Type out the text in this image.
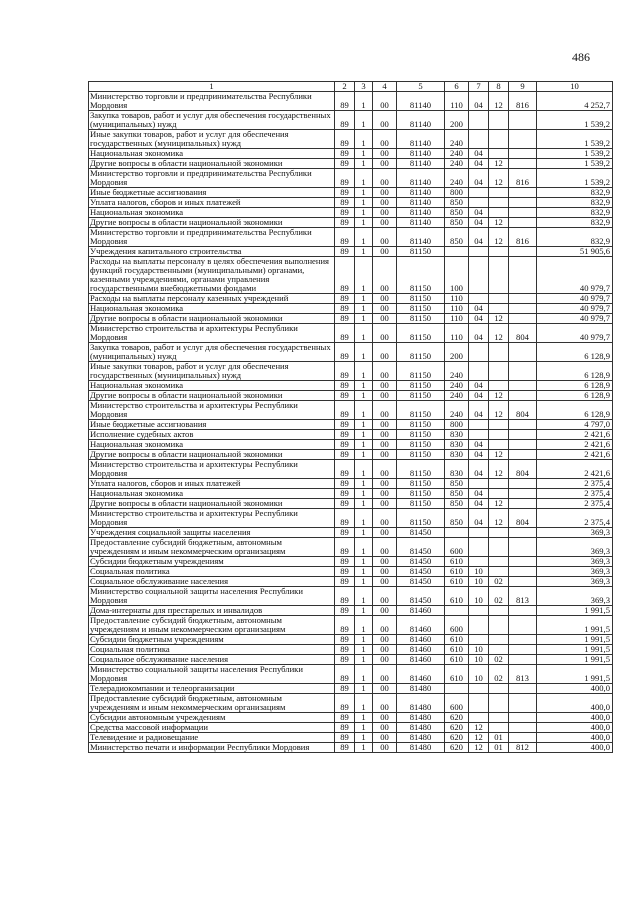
486
1	2	3	4	5	6	7	8	9	10
Министерство торговли и предпринимательства Республики Мордовия	89	1	00	81140	110	04	12	816	4 252,7
Закупка товаров, работ и услуг для обеспечения государственных (муниципальных) нужд	89	1	00	81140	200				1 539,2
Иные закупки товаров, работ и услуг для обеспечения государственных (муниципальных) нужд	89	1	00	81140	240				1 539,2
Национальная экономика	89	1	00	81140	240	04			1 539,2
Другие вопросы в области национальной экономики	89	1	00	81140	240	04	12		1 539,2
Министерство торговли и предпринимательства Республики Мордовия	89	1	00	81140	240	04	12	816	1 539,2
Иные бюджетные ассигнования	89	1	00	81140	800				832,9
Уплата налогов, сборов и иных платежей	89	1	00	81140	850				832,9
Национальная экономика	89	1	00	81140	850	04			832,9
Другие вопросы в области национальной экономики	89	1	00	81140	850	04	12		832,9
Министерство торговли и предпринимательства Республики Мордовия	89	1	00	81140	850	04	12	816	832,9
Учреждения капитального строительства	89	1	00	81150					51 905,6
Расходы на выплаты персоналу в целях обеспечения выполнения функций государственными (муниципальными) органами, казенными учреждениями, органами управления государственными внебюджетными фондами	89	1	00	81150	100				40 979,7
Расходы на выплаты персоналу казенных учреждений	89	1	00	81150	110				40 979,7
Национальная экономика	89	1	00	81150	110	04			40 979,7
Другие вопросы в области национальной экономики	89	1	00	81150	110	04	12		40 979,7
Министерство строительства и архитектуры Республики Мордовия	89	1	00	81150	110	04	12	804	40 979,7
Закупка товаров, работ и услуг для обеспечения государственных (муниципальных) нужд	89	1	00	81150	200				6 128,9
Иные закупки товаров, работ и услуг для обеспечения государственных (муниципальных) нужд	89	1	00	81150	240				6 128,9
Национальная экономика	89	1	00	81150	240	04			6 128,9
Другие вопросы в области национальной экономики	89	1	00	81150	240	04	12		6 128,9
Министерство строительства и архитектуры Республики Мордовия	89	1	00	81150	240	04	12	804	6 128,9
Иные бюджетные ассигнования	89	1	00	81150	800				4 797,0
Исполнение судебных актов	89	1	00	81150	830				2 421,6
Национальная экономика	89	1	00	81150	830	04			2 421,6
Другие вопросы в области национальной экономики	89	1	00	81150	830	04	12		2 421,6
Министерство строительства и архитектуры Республики Мордовия	89	1	00	81150	830	04	12	804	2 421,6
Уплата налогов, сборов и иных платежей	89	1	00	81150	850				2 375,4
Национальная экономика	89	1	00	81150	850	04			2 375,4
Другие вопросы в области национальной экономики	89	1	00	81150	850	04	12		2 375,4
Министерство строительства и архитектуры Республики Мордовия	89	1	00	81150	850	04	12	804	2 375,4
Учреждения социальной защиты населения	89	1	00	81450					369,3
Предоставление субсидий бюджетным, автономным учреждениям и иным некоммерческим организациям	89	1	00	81450	600				369,3
Субсидии бюджетным учреждениям	89	1	00	81450	610				369,3
Социальная политика	89	1	00	81450	610	10			369,3
Социальное обслуживание населения	89	1	00	81450	610	10	02		369,3
Министерство социальной защиты населения Республики Мордовия	89	1	00	81450	610	10	02	813	369,3
Дома-интернаты для престарелых и инвалидов	89	1	00	81460					1 991,5
Предоставление субсидий бюджетным, автономным учреждениям и иным некоммерческим организациям	89	1	00	81460	600				1 991,5
Субсидии бюджетным учреждениям	89	1	00	81460	610				1 991,5
Социальная политика	89	1	00	81460	610	10			1 991,5
Социальное обслуживание населения	89	1	00	81460	610	10	02		1 991,5
Министерство социальной защиты населения Республики Мордовия	89	1	00	81460	610	10	02	813	1 991,5
Телерадиокомпании и телеорганизации	89	1	00	81480					400,0
Предоставление субсидий бюджетным, автономным учреждениям и иным некоммерческим организациям	89	1	00	81480	600				400,0
Субсидии автономным учреждениям	89	1	00	81480	620				400,0
Средства массовой информации	89	1	00	81480	620	12			400,0
Телевидение и радиовещание	89	1	00	81480	620	12	01		400,0
Министерство печати и информации Республики Мордовия	89	1	00	81480	620	12	01	812	400,0
